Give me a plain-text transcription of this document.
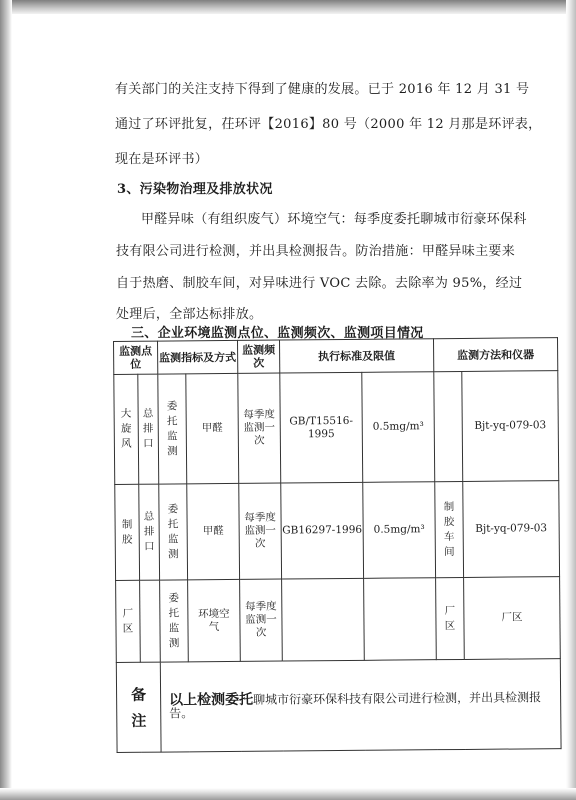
有关部门的关注支持下得到了健康的发展。已于 2016 年 12 月 31 号
通过了环评批复，茌环评【2016】80 号（2000 年 12 月那是环评表，
现在是环评书）
3、污染物治理及排放状况
甲醛异味（有组织废气）环境空气：每季度委托聊城市衍豪环保科
技有限公司进行检测，并出具检测报告。防治措施：甲醛异味主要来
自于热磨、制胶车间，对异味进行 VOC 去除。去除率为 95%，经过
处理后，全部达标排放。
三、企业环境监测点位、监测频次、监测项目情况
监测点位		监测指标及方式		监测频次	执行标准及限值		监测方法和仪器	

大旋风	总排口	委托监测	甲醛	每季度监测一次	GB/T15516-1995	0.5mg/m³		Bjt-yq-079-03

制胶	总排口	委托监测	甲醛	每季度监测一次	GB16297-1996	0.5mg/m³	制胶车间	Bjt-yq-079-03

厂区		委托监测	环境空气	每季度监测一次			厂区	厂区

备注		以上检测委托聊城市衍豪环保科技有限公司进行检测，并出具检测报告。						
